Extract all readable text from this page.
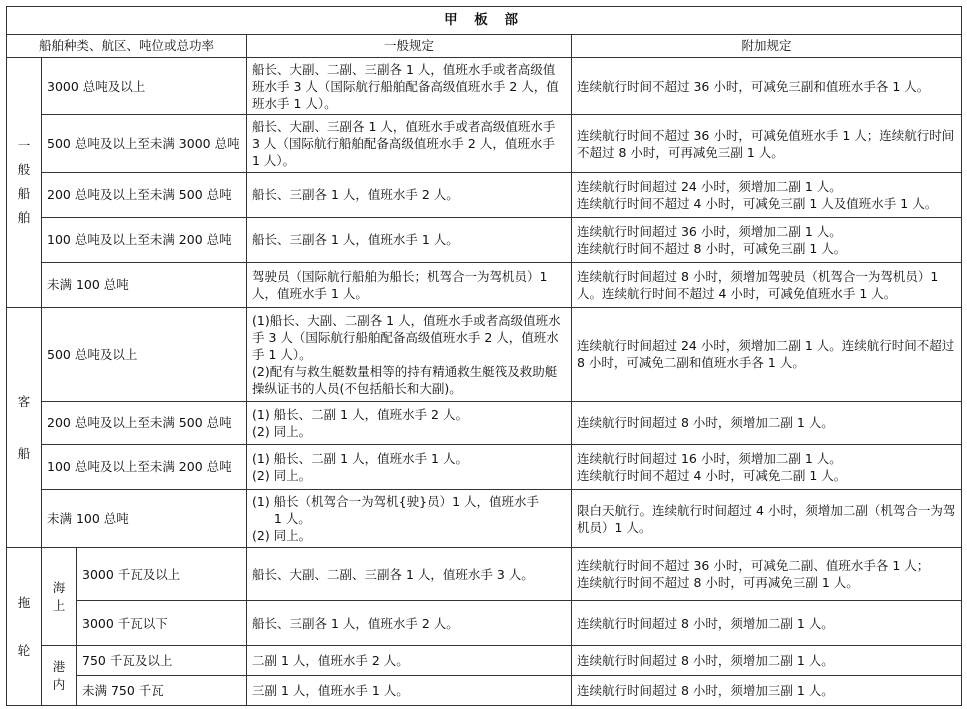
甲 板 部				
船舶种类、航区、吨位或总功率			一般规定	附加规定
一般船舶	3000 总吨及以上		船长、大副、二副、三副各 1 人，值班水手或者高级值班水手 3 人（国际航行船舶配备高级值班水手 2 人，值班水手 1 人）。	连续航行时间不超过 36 小时，可减免三副和值班水手各 1 人。
	500 总吨及以上至未满 3000 总吨		船长、大副、三副各 1 人，值班水手或者高级值班水手 3 人（国际航行船舶配备高级值班水手 2 人，值班水手 1 人）。	连续航行时间不超过 36 小时，可减免值班水手 1 人；连续航行时间不超过 8 小时，可再减免三副 1 人。
	200 总吨及以上至未满 500 总吨		船长、三副各 1 人，值班水手 2 人。	连续航行时间超过 24 小时，须增加二副 1 人。
连续航行时间不超过 4 小时，可减免三副 1 人及值班水手 1 人。

	100 总吨及以上至未满 200 总吨		船长、三副各 1 人，值班水手 1 人。	连续航行时间超过 36 小时，须增加二副 1 人。
连续航行时间不超过 8 小时，可减免三副 1 人。

	未满 100 总吨		驾驶员（国际航行船舶为船长；机驾合一为驾机员）1 人，值班水手 1 人。	连续航行时间超过 8 小时，须增加驾驶员（机驾合一为驾机员）1 人。连续航行时间不超过 4 小时，可减免值班水手 1 人。
客船	500 总吨及以上		(1)船长、大副、二副各 1 人，值班水手或者高级值班水手 3 人（国际航行船舶配备高级值班水手 2 人，值班水手 1 人）。
(2)配有与救生艇数量相等的持有精通救生艇筏及救助艇操纵证书的人员(不包括船长和大副)。	连续航行时间超过 24 小时，须增加二副 1 人。连续航行时间不超过 8 小时，可减免二副和值班水手各 1 人。
	200 总吨及以上至未满 500 总吨		(1) 船长、二副 1 人，值班水手 2 人。
(2) 同上。	连续航行时间超过 8 小时，须增加二副 1 人。
	100 总吨及以上至未满 200 总吨		(1) 船长、二副 1 人，值班水手 1 人。
(2) 同上。	连续航行时间超过 16 小时，须增加二副 1 人。
连续航行时间不超过 4 小时，可减免二副 1 人。

	未满 100 总吨		(1) 船长（机驾合一为驾机{驶}员）1 人，值班水手
1 人。
(2) 同上。	限白天航行。连续航行时间超过 4 小时，须增加二副（机驾合一为驾机员）1 人。
拖轮	海上	3000 千瓦及以上	船长、大副、二副、三副各 1 人，值班水手 3 人。	连续航行时间不超过 36 小时，可减免二副、值班水手各 1 人；
连续航行时间不超过 8 小时，可再减免三副 1 人。

		3000 千瓦以下	船长、三副各 1 人，值班水手 2 人。	连续航行时间超过 8 小时，须增加二副 1 人。
	港内	750 千瓦及以上	二副 1 人，值班水手 2 人。	连续航行时间超过 8 小时，须增加二副 1 人。
		未满 750 千瓦	三副 1 人，值班水手 1 人。	连续航行时间超过 8 小时，须增加三副 1 人。
